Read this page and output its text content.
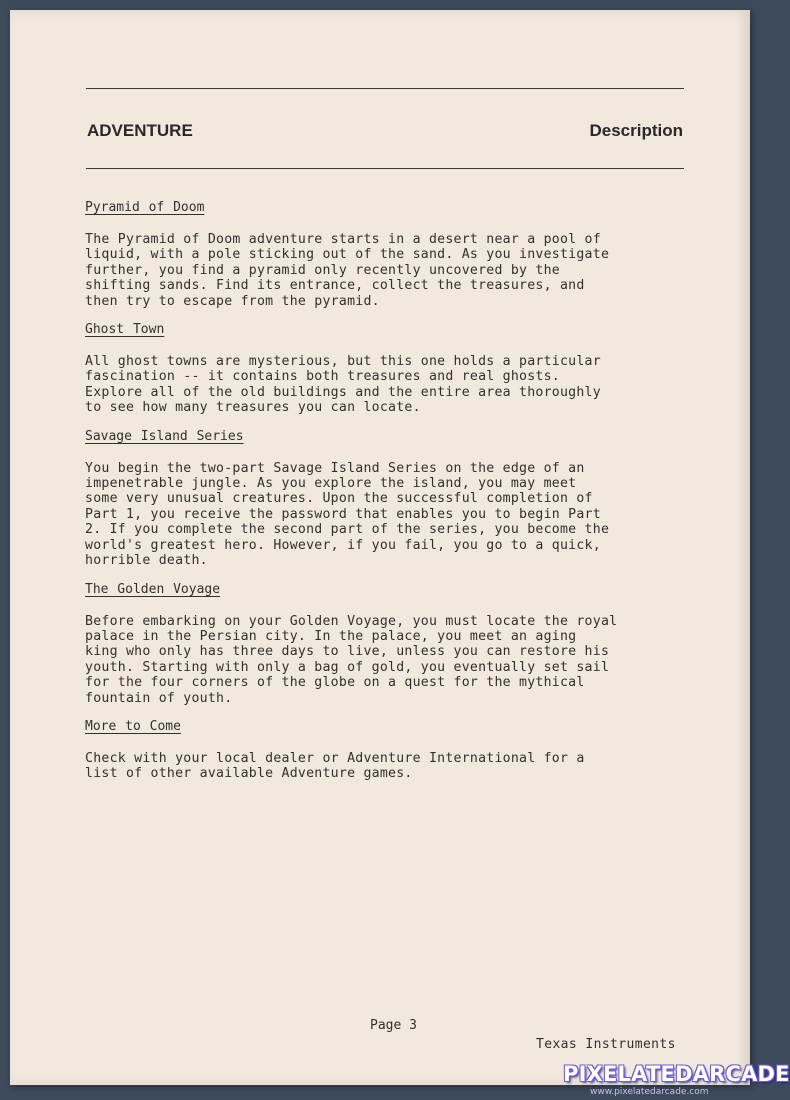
ADVENTURE	Description

Pyramid of Doom

The Pyramid of Doom adventure starts in a desert near a pool of
liquid, with a pole sticking out of the sand. As you investigate
further, you find a pyramid only recently uncovered by the
shifting sands. Find its entrance, collect the treasures, and
then try to escape from the pyramid.

Ghost Town

All ghost towns are mysterious, but this one holds a particular
fascination -- it contains both treasures and real ghosts.
Explore all of the old buildings and the entire area thoroughly
to see how many treasures you can locate.

Savage Island Series

You begin the two-part Savage Island Series on the edge of an
impenetrable jungle. As you explore the island, you may meet
some very unusual creatures. Upon the successful completion of
Part 1, you receive the password that enables you to begin Part
2. If you complete the second part of the series, you become the
world's greatest hero. However, if you fail, you go to a quick,
horrible death.

The Golden Voyage

Before embarking on your Golden Voyage, you must locate the royal
palace in the Persian city. In the palace, you meet an aging
king who only has three days to live, unless you can restore his
youth. Starting with only a bag of gold, you eventually set sail
for the four corners of the globe on a quest for the mythical
fountain of youth.

More to Come

Check with your local dealer or Adventure International for a
list of other available Adventure games.

Page 3
Texas Instruments
PIXELATEDARCADE
www.pixelatedarcade.com
